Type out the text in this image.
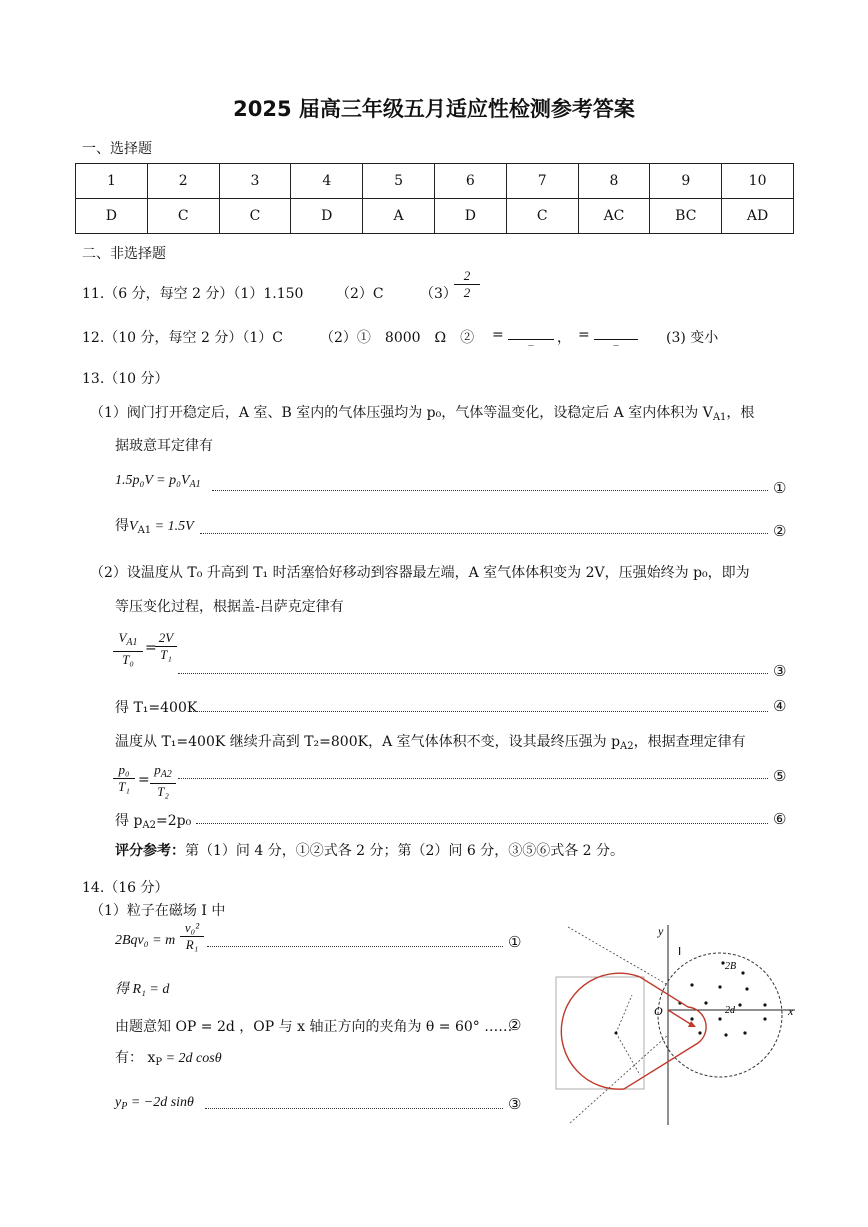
2025 届高三年级五月适应性检测参考答案
一、选择题
1	2	3	4	5	6	7	8	9	10
D	C	C	D	A	D	C	AC	BC	AD
二、非选择题
11.（6 分，每空 2 分）（1）1.150 （2）C	（3）
$\frac{2}{2}$
12.（10 分，每空 2 分）（1）C	（2）①　8000　Ω　② =	_	， =	_	(3) 变小
13.（10 分）
（1）阀门打开稳定后，A 室、B 室内的气体压强均为 p₀，气体等温变化，设稳定后 A 室内体积为 $V_{A1}$，根
据玻意耳定律有
$1.5p_0V = p_0V_{A1}$	①
得$V_{A1} = 1.5V$	②
（2）设温度从 T₀ 升高到 T₁ 时活塞恰好移动到容器最左端，A 室气体体积变为 2V，压强始终为 p₀，即为
等压变化过程，根据盖-吕萨克定律有
$\frac{V_{A1}}{\text{T₀}}$ =
$\frac{2V}{\text{T₁}}$
③
得 T₁=400K	④
温度从 T₁=400K 继续升高到 T₂=800K，A 室气体体积不变，设其最终压强为 $p_{A2}$，根据查理定律有
$\frac{\text{p₀}}{\text{T₁}} = \frac{p_{A2}}{\text{T₂}}$	⑤
得 $p_{A2}=2p_0$	⑥
评分参考：第（1）问 4 分，①②式各 2 分；第（2）问 6 分，③⑤⑥式各 2 分。
14.（16 分）
（1）粒子在磁场 Ⅰ 中
2Bqv₀ = m $\frac{\text{v₀²}}{\text{R₁}}$	①
得 R₁ = d
由题意知 OP = 2d ，OP 与 x 轴正方向的夹角为 θ = 60° ……
②
有： $x_P = 2d$ cosθ
$y_P = -2d$ sinθ	③
y
x
O
Ⅰ
2B
2d
